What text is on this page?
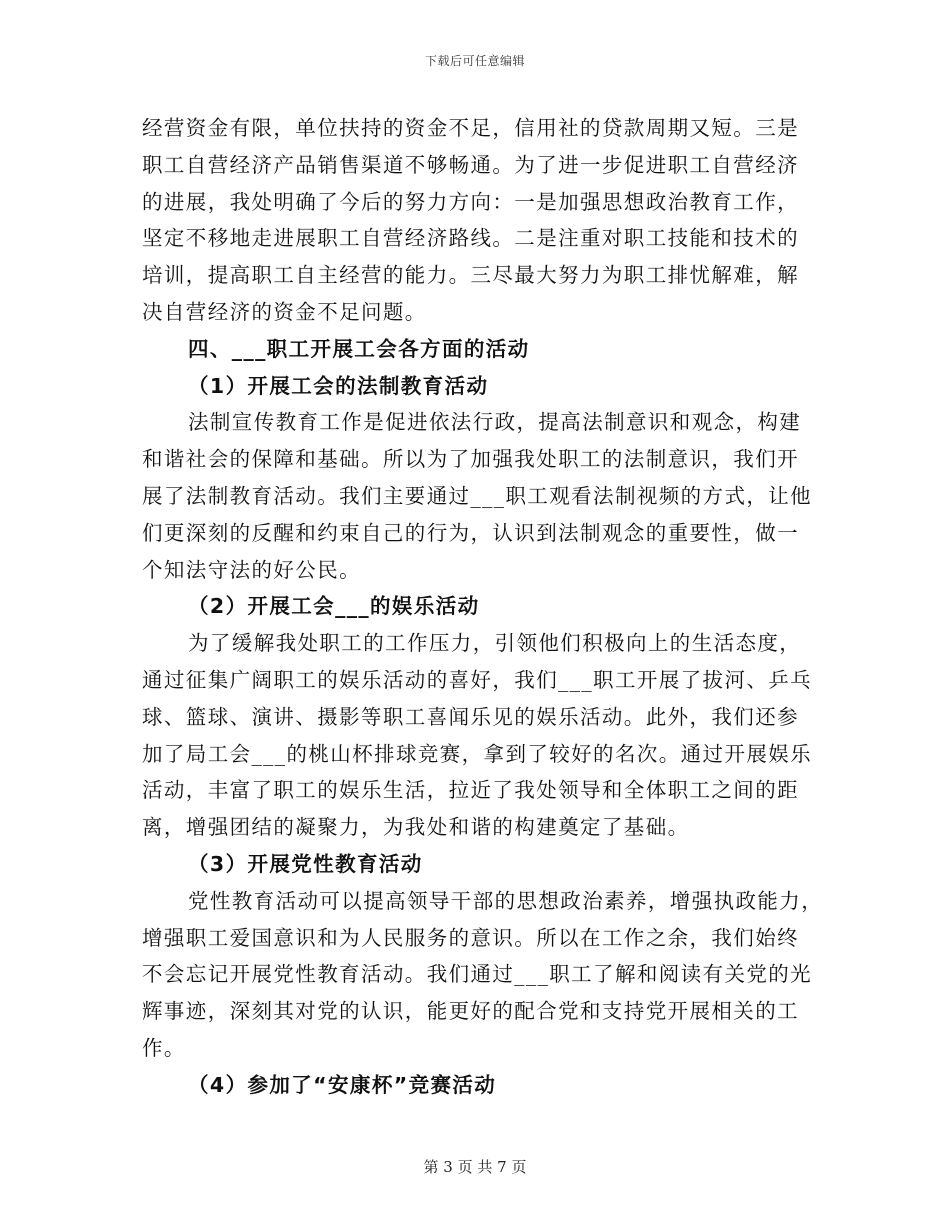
下载后可任意编辑
经营资金有限，单位扶持的资金不足，信用社的贷款周期又短。三是
职工自营经济产品销售渠道不够畅通。为了进一步促进职工自营经济
的进展，我处明确了今后的努力方向：一是加强思想政治教育工作，
坚定不移地走进展职工自营经济路线。二是注重对职工技能和技术的
培训，提高职工自主经营的能力。三尽最大努力为职工排忧解难，解
决自营经济的资金不足问题。
四、___职工开展工会各方面的活动
（1）开展工会的法制教育活动
法制宣传教育工作是促进依法行政，提高法制意识和观念，构建
和谐社会的保障和基础。所以为了加强我处职工的法制意识，我们开
展了法制教育活动。我们主要通过___职工观看法制视频的方式，让他
们更深刻的反醒和约束自己的行为，认识到法制观念的重要性，做一
个知法守法的好公民。
（2）开展工会___的娱乐活动
为了缓解我处职工的工作压力，引领他们积极向上的生活态度，
通过征集广阔职工的娱乐活动的喜好，我们___职工开展了拔河、乒乓
球、篮球、演讲、摄影等职工喜闻乐见的娱乐活动。此外，我们还参
加了局工会___的桃山杯排球竞赛，拿到了较好的名次。通过开展娱乐
活动，丰富了职工的娱乐生活，拉近了我处领导和全体职工之间的距
离，增强团结的凝聚力，为我处和谐的构建奠定了基础。
（3）开展党性教育活动
党性教育活动可以提高领导干部的思想政治素养，增强执政能力，
增强职工爱国意识和为人民服务的意识。所以在工作之余，我们始终
不会忘记开展党性教育活动。我们通过___职工了解和阅读有关党的光
辉事迹，深刻其对党的认识，能更好的配合党和支持党开展相关的工
作。
（4）参加了“安康杯”竞赛活动
第 3 页 共 7 页
